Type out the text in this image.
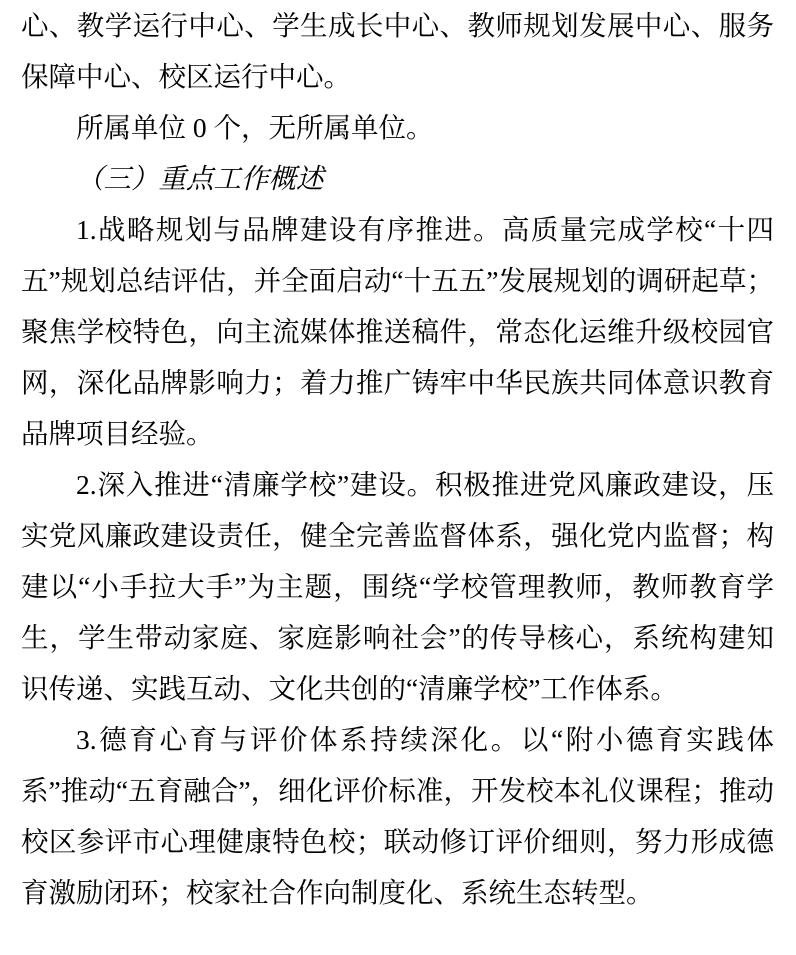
心、教学运行中心、学生成长中心、教师规划发展中心、服务保障中心、校区运行中心。

所属单位 0 个，无所属单位。

（三）重点工作概述

1.战略规划与品牌建设有序推进。高质量完成学校“十四五”规划总结评估，并全面启动“十五五”发展规划的调研起草；聚焦学校特色，向主流媒体推送稿件，常态化运维升级校园官网，深化品牌影响力；着力推广铸牢中华民族共同体意识教育品牌项目经验。

2.深入推进“清廉学校”建设。积极推进党风廉政建设，压实党风廉政建设责任，健全完善监督体系，强化党内监督；构建以“小手拉大手”为主题，围绕“学校管理教师，教师教育学生，学生带动家庭、家庭影响社会”的传导核心，系统构建知识传递、实践互动、文化共创的“清廉学校”工作体系。

3.德育心育与评价体系持续深化。以“附小德育实践体系”推动“五育融合”，细化评价标准，开发校本礼仪课程；推动校区参评市心理健康特色校；联动修订评价细则，努力形成德育激励闭环；校家社合作向制度化、系统生态转型。
